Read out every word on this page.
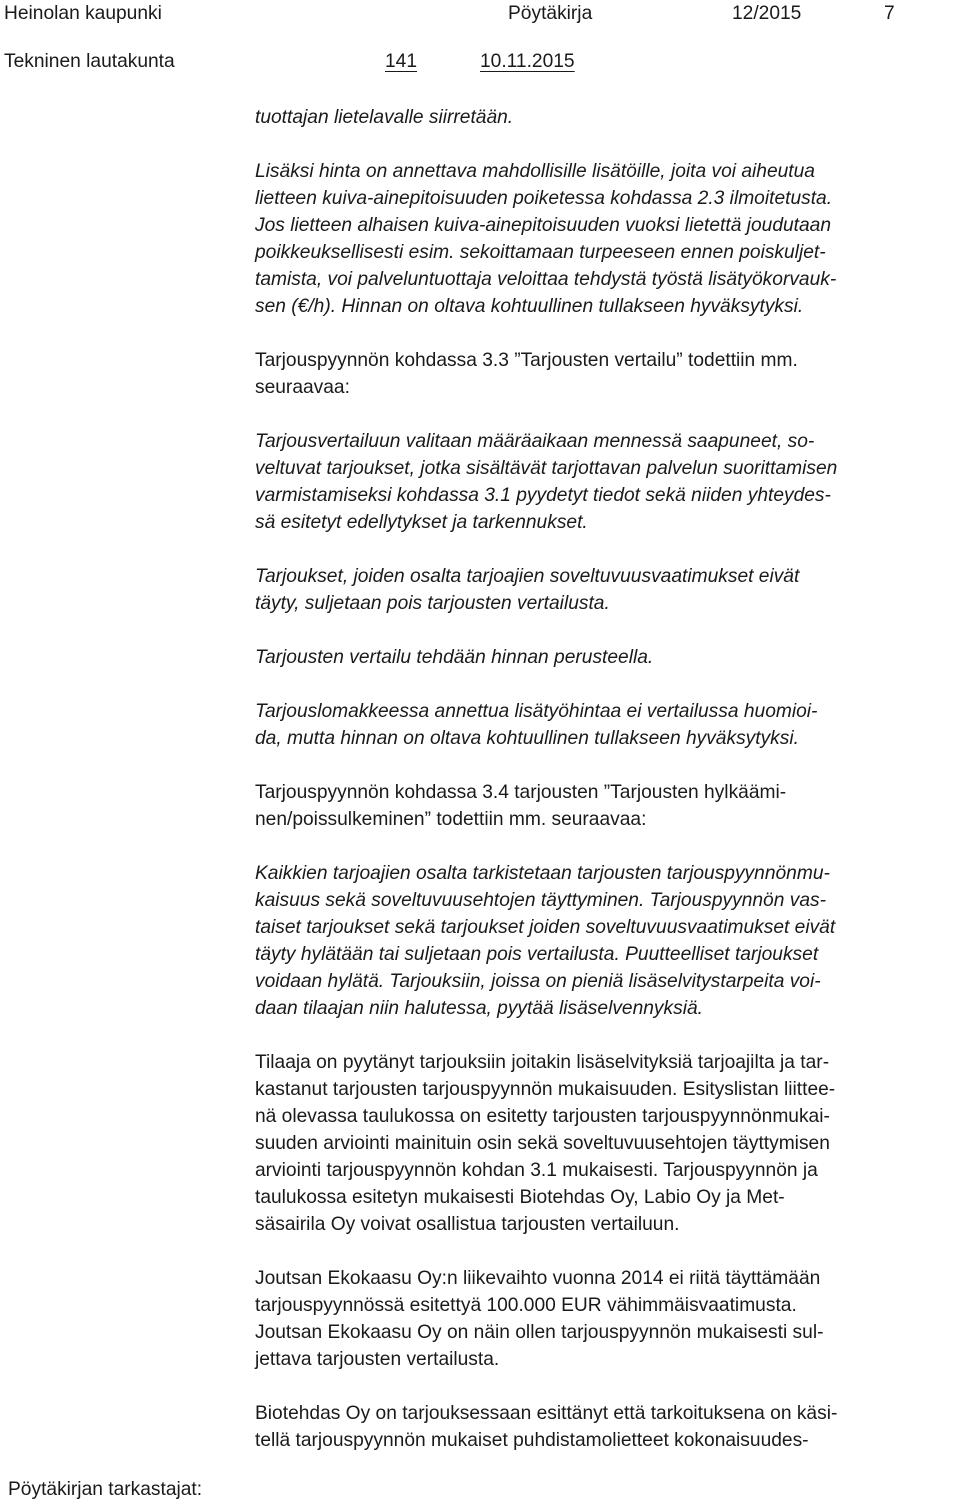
Heinolan kaupunki	Pöytäkirja	12/2015	7
Tekninen lautakunta	141	10.11.2015

tuottajan lietelavalle siirretään.

Lisäksi hinta on annettava mahdollisille lisätöille, joita voi aiheutua
lietteen kuiva-ainepitoisuuden poiketessa kohdassa 2.3 ilmoitetusta.
Jos lietteen alhaisen kuiva-ainepitoisuuden vuoksi lietettä joudutaan
poikkeuksellisesti esim. sekoittamaan turpeeseen ennen poiskuljet-
tamista, voi palveluntuottaja veloittaa tehdystä työstä lisätyökorvauk-
sen (€/h). Hinnan on oltava kohtuullinen tullakseen hyväksytyksi.

Tarjouspyynnön kohdassa 3.3 ”Tarjousten vertailu” todettiin mm.
seuraavaa:

Tarjousvertailuun valitaan määräaikaan mennessä saapuneet, so-
veltuvat tarjoukset, jotka sisältävät tarjottavan palvelun suorittamisen
varmistamiseksi kohdassa 3.1 pyydetyt tiedot sekä niiden yhteydes-
sä esitetyt edellytykset ja tarkennukset.

Tarjoukset, joiden osalta tarjoajien soveltuvuusvaatimukset eivät
täyty, suljetaan pois tarjousten vertailusta.

Tarjousten vertailu tehdään hinnan perusteella.

Tarjouslomakkeessa annettua lisätyöhintaa ei vertailussa huomioi-
da, mutta hinnan on oltava kohtuullinen tullakseen hyväksytyksi.

Tarjouspyynnön kohdassa 3.4 tarjousten ”Tarjousten hylkäämi-
nen/poissulkeminen” todettiin mm. seuraavaa:

Kaikkien tarjoajien osalta tarkistetaan tarjousten tarjouspyynnönmu-
kaisuus sekä soveltuvuusehtojen täyttyminen. Tarjouspyynnön vas-
taiset tarjoukset sekä tarjoukset joiden soveltuvuusvaatimukset eivät
täyty hylätään tai suljetaan pois vertailusta. Puutteelliset tarjoukset
voidaan hylätä. Tarjouksiin, joissa on pieniä lisäselvitystarpeita voi-
daan tilaajan niin halutessa, pyytää lisäselvennyksiä.

Tilaaja on pyytänyt tarjouksiin joitakin lisäselvityksiä tarjoajilta ja tar-
kastanut tarjousten tarjouspyynnön mukaisuuden. Esityslistan liittee-
nä olevassa taulukossa on esitetty tarjousten tarjouspyynnönmukai-
suuden arviointi mainituin osin sekä soveltuvuusehtojen täyttymisen
arviointi tarjouspyynnön kohdan 3.1 mukaisesti. Tarjouspyynnön ja
taulukossa esitetyn mukaisesti Biotehdas Oy, Labio Oy ja Met-
säsairila Oy voivat osallistua tarjousten vertailuun.

Joutsan Ekokaasu Oy:n liikevaihto vuonna 2014 ei riitä täyttämään
tarjouspyynnössä esitettyä 100.000 EUR vähimmäisvaatimusta.
Joutsan Ekokaasu Oy on näin ollen tarjouspyynnön mukaisesti sul-
jettava tarjousten vertailusta.

Biotehdas Oy on tarjouksessaan esittänyt että tarkoituksena on käsi-
tellä tarjouspyynnön mukaiset puhdistamolietteet kokonaisuudes-

Pöytäkirjan tarkastajat:
